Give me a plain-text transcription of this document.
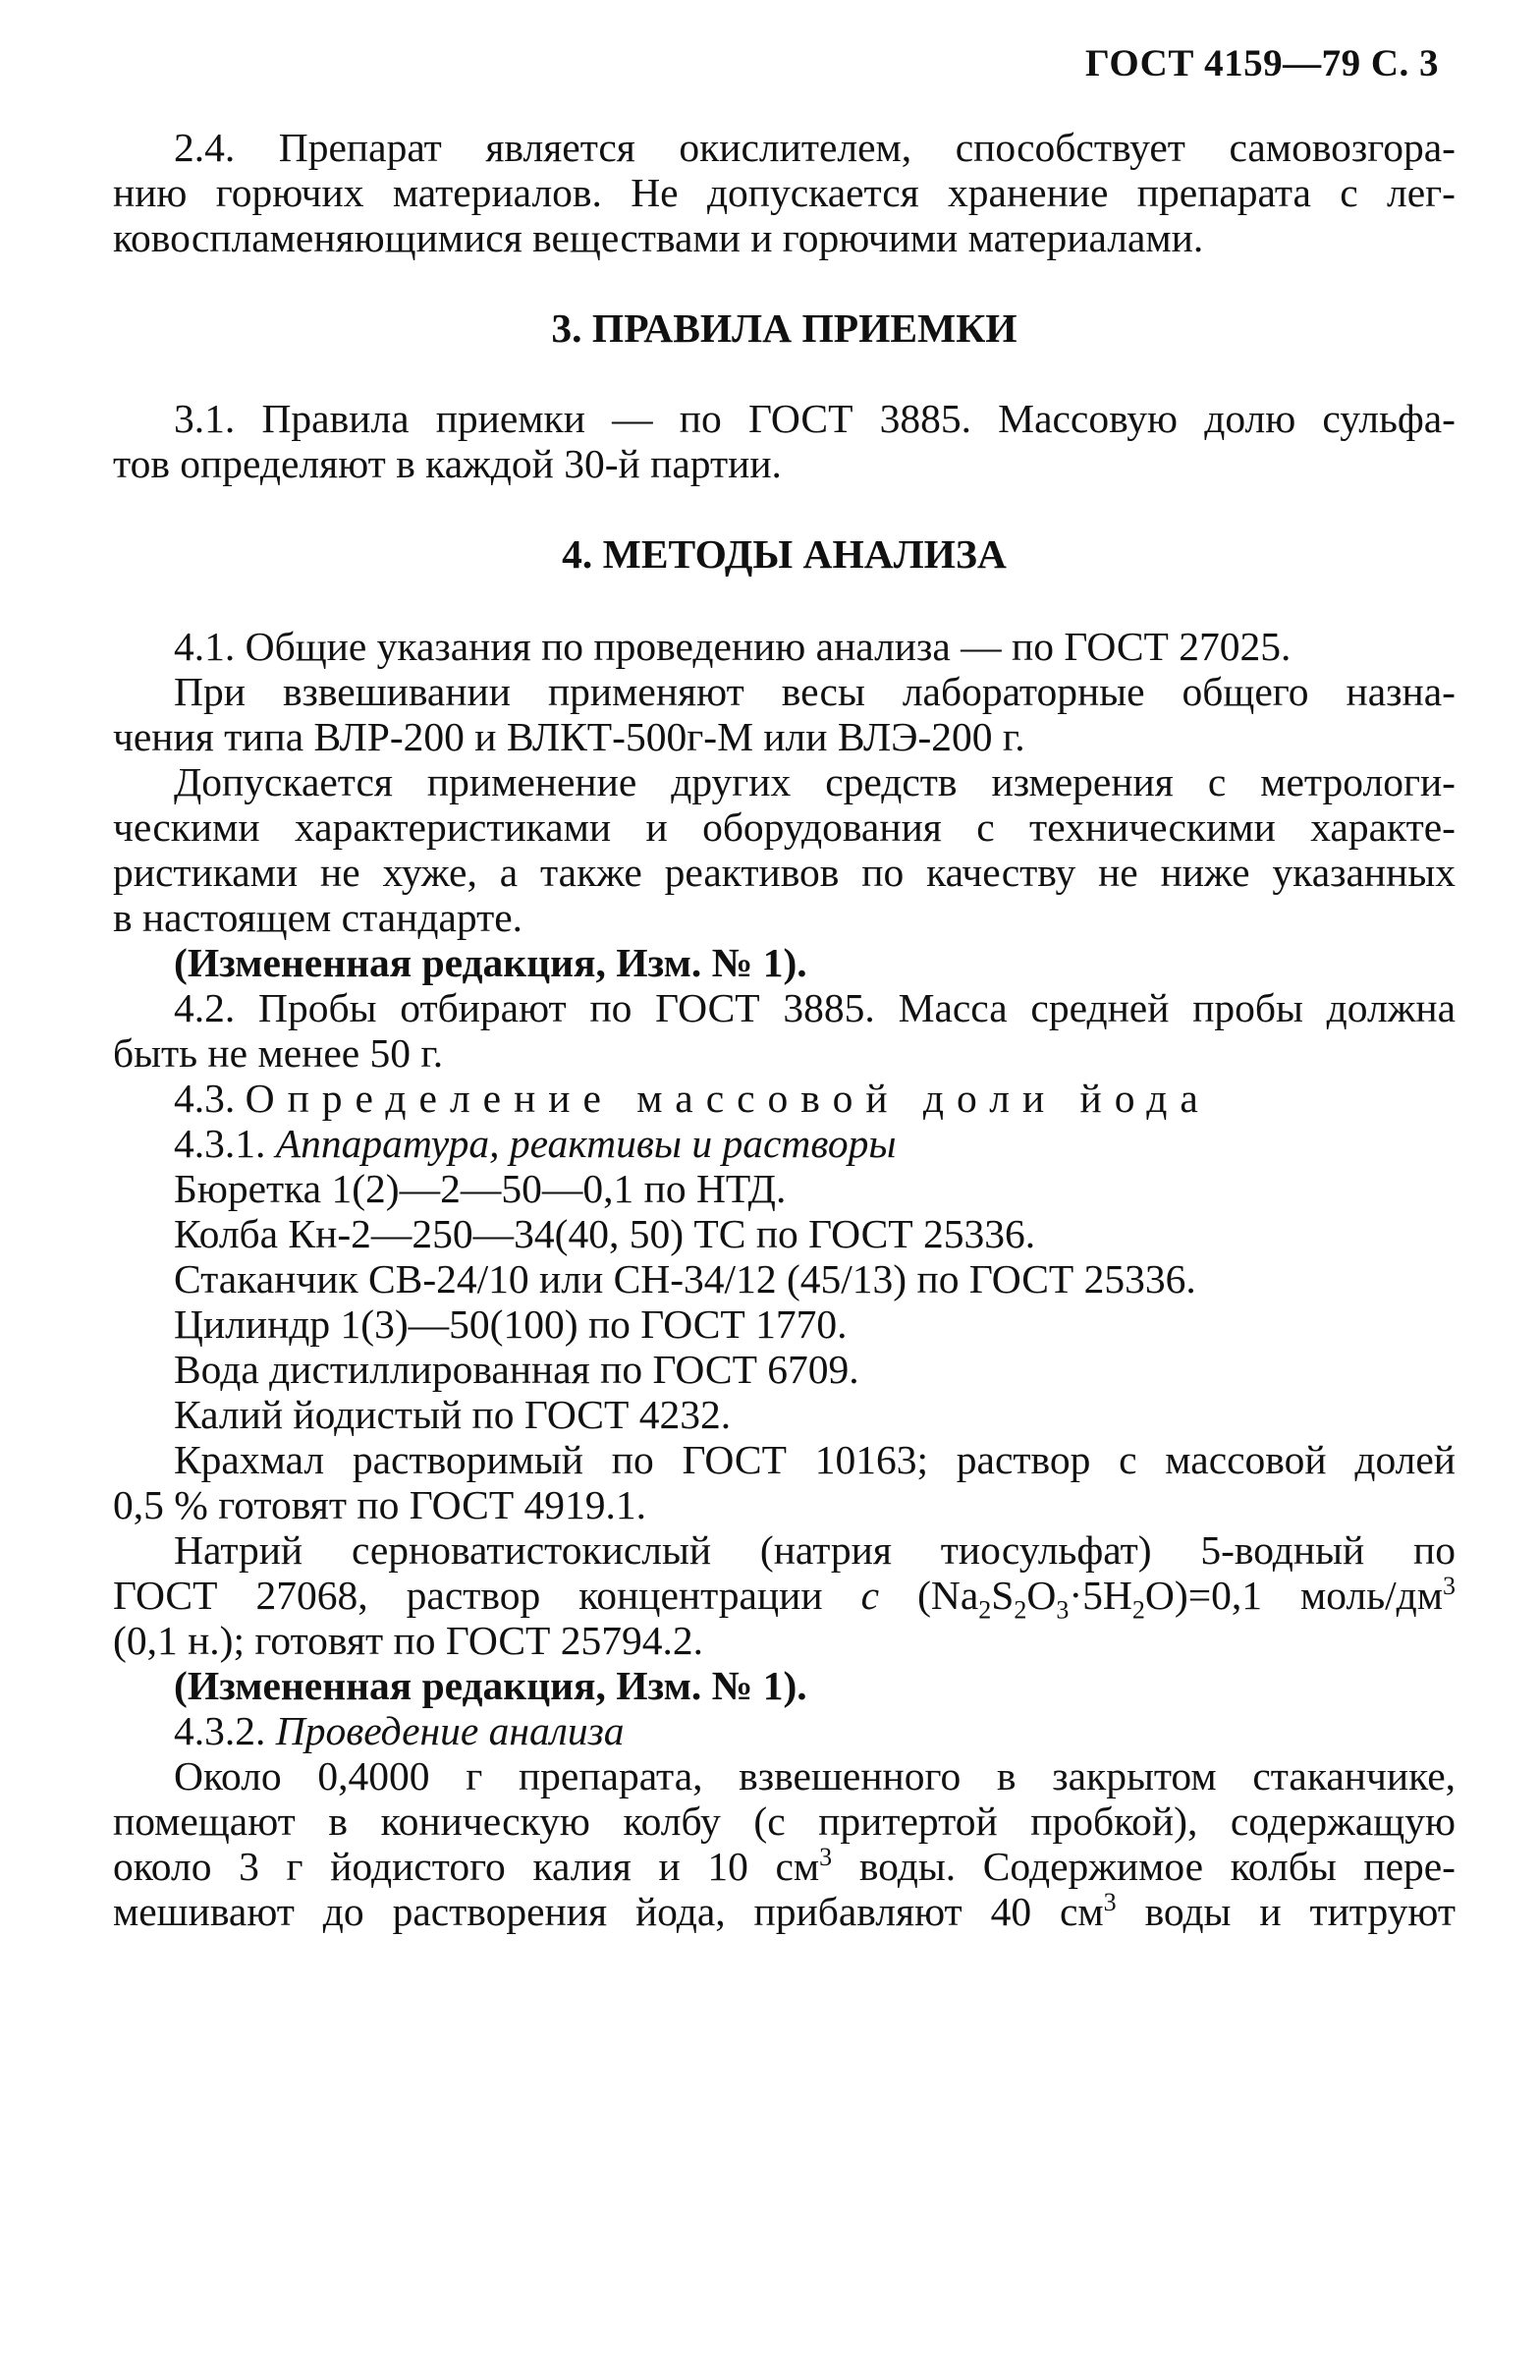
ГОСТ 4159—79 С. 3

2.4. Препарат является окислителем, способствует самовозгора-

нию горючих материалов. Не допускается хранение препарата с лег-

ковоспламеняющимися веществами и горючими материалами.

3. ПРАВИЛА ПРИЕМКИ

3.1. Правила приемки — по ГОСТ 3885. Массовую долю сульфа-

тов определяют в каждой 30-й партии.

4. МЕТОДЫ АНАЛИЗА

4.1. Общие указания по проведению анализа — по ГОСТ 27025.

При взвешивании применяют весы лабораторные общего назна-

чения типа ВЛР-200 и ВЛКТ-500г-М или ВЛЭ-200 г.

Допускается применение других средств измерения с метрологи-

ческими характеристиками и оборудования с техническими характе-

ристиками не хуже, а также реактивов по качеству не ниже указанных

в настоящем стандарте.

(Измененная редакция, Изм. № 1).

4.2. Пробы отбирают по ГОСТ 3885. Масса средней пробы должна

быть не менее 50 г.

4.3. Определение массовой доли йода

4.3.1. Аппаратура, реактивы и растворы

Бюретка 1(2)—2—50—0,1 по НТД.

Колба Кн-2—250—34(40, 50) ТС по ГОСТ 25336.

Стаканчик СВ-24/10 или СН-34/12 (45/13) по ГОСТ 25336.

Цилиндр 1(3)—50(100) по ГОСТ 1770.

Вода дистиллированная по ГОСТ 6709.

Калий йодистый по ГОСТ 4232.

Крахмал растворимый по ГОСТ 10163; раствор с массовой долей

0,5 % готовят по ГОСТ 4919.1.

Натрий серноватистокислый (натрия тиосульфат) 5-водный по

ГОСТ 27068, раствор концентрации c $(Na_2S_2O_3\cdot 5H_2O)=0,1$ моль/$дм^3$

(0,1 н.); готовят по ГОСТ 25794.2.

(Измененная редакция, Изм. № 1).

4.3.2. Проведение анализа

Около 0,4000 г препарата, взвешенного в закрытом стаканчике,

помещают в коническую колбу (с притертой пробкой), содержащую

около 3 г йодистого калия и 10 $см^3$ воды. Содержимое колбы пере-

мешивают до растворения йода, прибавляют 40 $см^3$ воды и титруют
